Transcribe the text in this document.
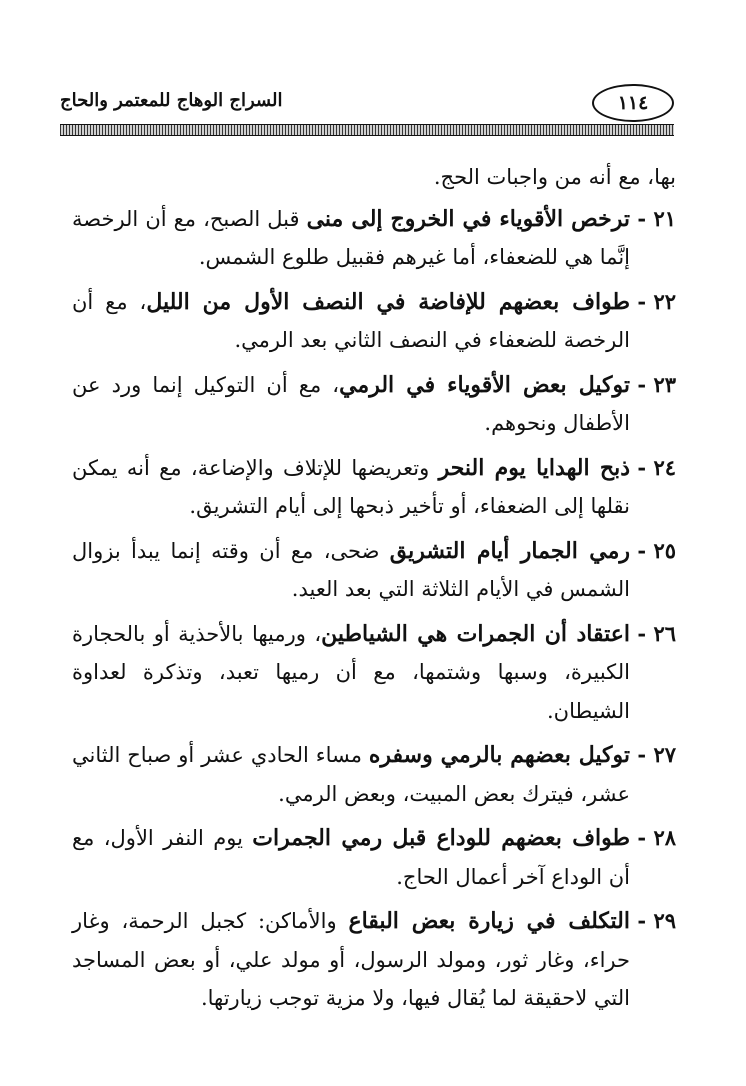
١١٤
السراج الوهاج للمعتمر والحاج

بها، مع أنه من واجبات الحج.

٢١ -
ترخص الأقوياء في الخروج إلى منى قبل الصبح، مع أن الرخصة إنَّما هي للضعفاء، أما غيرهم فقبيل طلوع الشمس.
٢٢ -
طواف بعضهم للإفاضة في النصف الأول من الليل، مع أن الرخصة للضعفاء في النصف الثاني بعد الرمي.
٢٣ -
توكيل بعض الأقوياء في الرمي، مع أن التوكيل إنما ورد عن الأطفال ونحوهم.
٢٤ -
ذبح الهدايا يوم النحر وتعريضها للإتلاف والإضاعة، مع أنه يمكن نقلها إلى الضعفاء، أو تأخير ذبحها إلى أيام التشريق.
٢٥ -
رمي الجمار أيام التشريق ضحى، مع أن وقته إنما يبدأ بزوال الشمس في الأيام الثلاثة التي بعد العيد.
٢٦ -
اعتقاد أن الجمرات هي الشياطين، ورميها بالأحذية أو بالحجارة الكبيرة، وسبها وشتمها، مع أن رميها تعبد، وتذكرة لعداوة الشيطان.
٢٧ -
توكيل بعضهم بالرمي وسفره مساء الحادي عشر أو صباح الثاني عشر، فيترك بعض المبيت، وبعض الرمي.
٢٨ -
طواف بعضهم للوداع قبل رمي الجمرات يوم النفر الأول، مع أن الوداع آخر أعمال الحاج.
٢٩ -
التكلف في زيارة بعض البقاع والأماكن: كجبل الرحمة، وغار حراء، وغار ثور، ومولد الرسول، أو مولد علي، أو بعض المساجد التي لاحقيقة لما يُقال فيها، ولا مزية توجب زيارتها.
